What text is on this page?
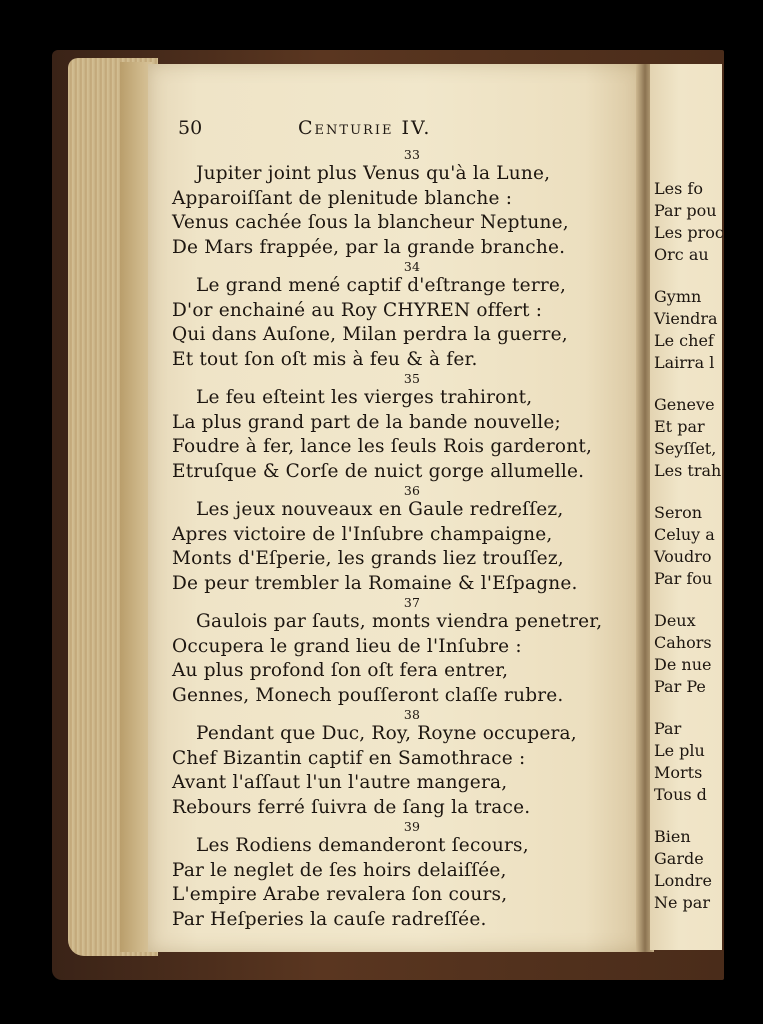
50	Centurie IV.
33
Jupiter joint plus Venus qu'à la Lune,
Apparoiſſant de plenitude blanche :
Venus cachée ſous la blancheur Neptune,
De Mars frappée, par la grande branche.
34
Le grand mené captif d'eſtrange terre,
D'or enchainé au Roy CHYREN offert :
Qui dans Auſone, Milan perdra la guerre,
Et tout ſon oſt mis à feu & à fer.
35
Le feu eſteint les vierges trahiront,
La plus grand part de la bande nouvelle;
Foudre à fer, lance les ſeuls Rois garderont,
Etruſque & Corſe de nuict gorge allumelle.
36
Les jeux nouveaux en Gaule redreſſez,
Apres victoire de l'Inſubre champaigne,
Monts d'Eſperie, les grands liez trouſſez,
De peur trembler la Romaine & l'Eſpagne.
37
Gaulois par ſauts, monts viendra penetrer,
Occupera le grand lieu de l'Inſubre :
Au plus profond ſon oſt fera entrer,
Gennes, Monech pouſſeront claſſe rubre.
38
Pendant que Duc, Roy, Royne occupera,
Chef Bizantin captif en Samothrace :
Avant l'aſſaut l'un l'autre mangera,
Rebours ferré ſuivra de ſang la trace.
39
Les Rodiens demanderont ſecours,
Par le neglet de ſes hoirs delaiſſée,
L'empire Arabe revalera ſon cours,
Par Heſperies la cauſe radreſſée.
Les fo
Par pou
Les proc
Orc au
Gymn
Viendra
Le chef
Lairra l
Geneve
Et par
Seyſſet,
Les trah
Seron
Celuy a
Voudro
Par fou
Deux
Cahors
De nue
Par Pe
Par
Le plu
Morts
Tous d
Bien
Garde
Londre
Ne par
